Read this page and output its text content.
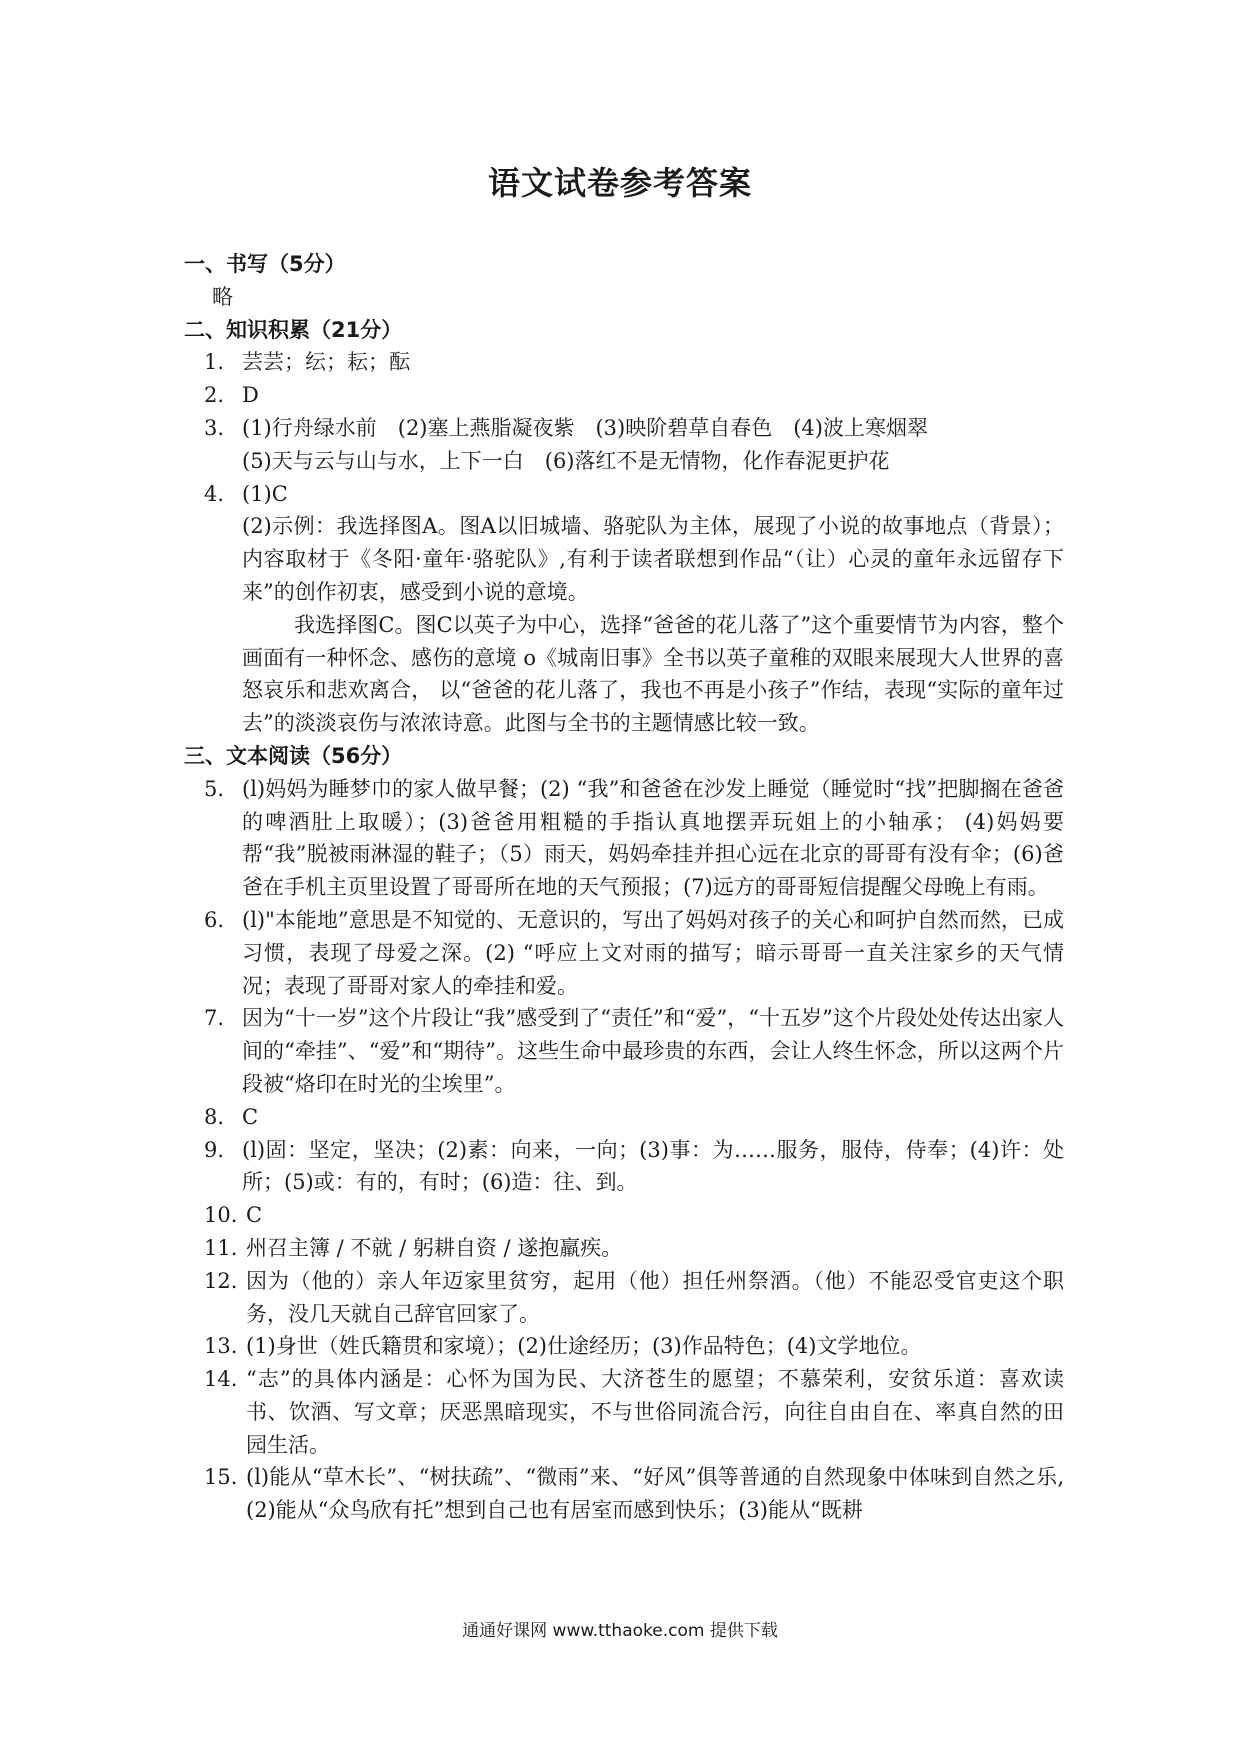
语文试卷参考答案
一、书写（5分）
略
二、知识积累（21分）
1. 芸芸；纭；耘；酝
2. D
3. (1)行舟绿水前　(2)塞上燕脂凝夜紫　(3)映阶碧草自春色　(4)波上寒烟翠
(5)天与云与山与水，上下一白　(6)落红不是无情物，化作春泥更护花
4. (1)C
(2)示例：我选择图A。图A以旧城墙、骆驼队为主体，展现了小说的故事地点（背景）；内容取材于《冬阳·童年·骆驼队》,有利于读者联想到作品“（让）心灵的童年永远留存下来”的创作初衷，感受到小说的意境。
我选择图C。图C以英子为中心，选择“爸爸的花儿落了”这个重要情节为内容，整个画面有一种怀念、感伤的意境 o《城南旧事》全书以英子童稚的双眼来展现大人世界的喜怒哀乐和悲欢离合， 以“爸爸的花儿落了，我也不再是小孩子”作结，表现“实际的童年过去”的淡淡哀伤与浓浓诗意。此图与全书的主题情感比较一致。
三、文本阅读（56分）
5. (l)妈妈为睡梦巾的家人做早餐；(2) “我”和爸爸在沙发上睡觉（睡觉时“找”把脚搁在爸爸的啤酒肚上取暖）；(3)爸爸用粗糙的手指认真地摆弄玩姐上的小轴承； (4)妈妈要帮“我”脱被雨淋湿的鞋子；（5）雨天，妈妈牵挂并担心远在北京的哥哥有没有伞；(6)爸爸在手机主页里设置了哥哥所在地的天气预报；(7)远方的哥哥短信提醒父母晚上有雨。
6. (l)"本能地”意思是不知觉的、无意识的，写出了妈妈对孩子的关心和呵护自然而然，已成习惯，表现了母爱之深。(2) “呼应上文对雨的描写；暗示哥哥一直关注家乡的天气情况；表现了哥哥对家人的牵挂和爱。
7. 因为“十一岁”这个片段让“我”感受到了“责任”和“爱”，“十五岁”这个片段处处传达出家人间的“牵挂”、“爱”和“期待”。这些生命中最珍贵的东西，会让人终生怀念，所以这两个片段被“烙印在时光的尘埃里”。
8. C
9. (l)固：坚定，坚决；(2)素：向来，一向；(3)事：为……服务，服侍，侍奉；(4)许：处所；(5)或：有的，有时；(6)造：往、到。
10. C
11. 州召主簿 / 不就 / 躬耕自资 / 遂抱羸疾。
12. 因为（他的）亲人年迈家里贫穷，起用（他）担任州祭酒。（他）不能忍受官吏这个职务，没几天就自己辞官回家了。
13. (1)身世（姓氏籍贯和家境）；(2)仕途经历；(3)作品特色；(4)文学地位。
14. “志”的具体内涵是：心怀为国为民、大济苍生的愿望；不慕荣利，安贫乐道：喜欢读书、饮酒、写文章；厌恶黑暗现实，不与世俗同流合污，向往自由自在、率真自然的田园生活。
15. (l)能从“草木长”、“树扶疏”、“微雨”来、“好风”俱等普通的自然现象中体味到自然之乐,(2)能从“众鸟欣有托”想到自己也有居室而感到快乐；(3)能从“既耕
通通好课网 www.tthaoke.com 提供下载
